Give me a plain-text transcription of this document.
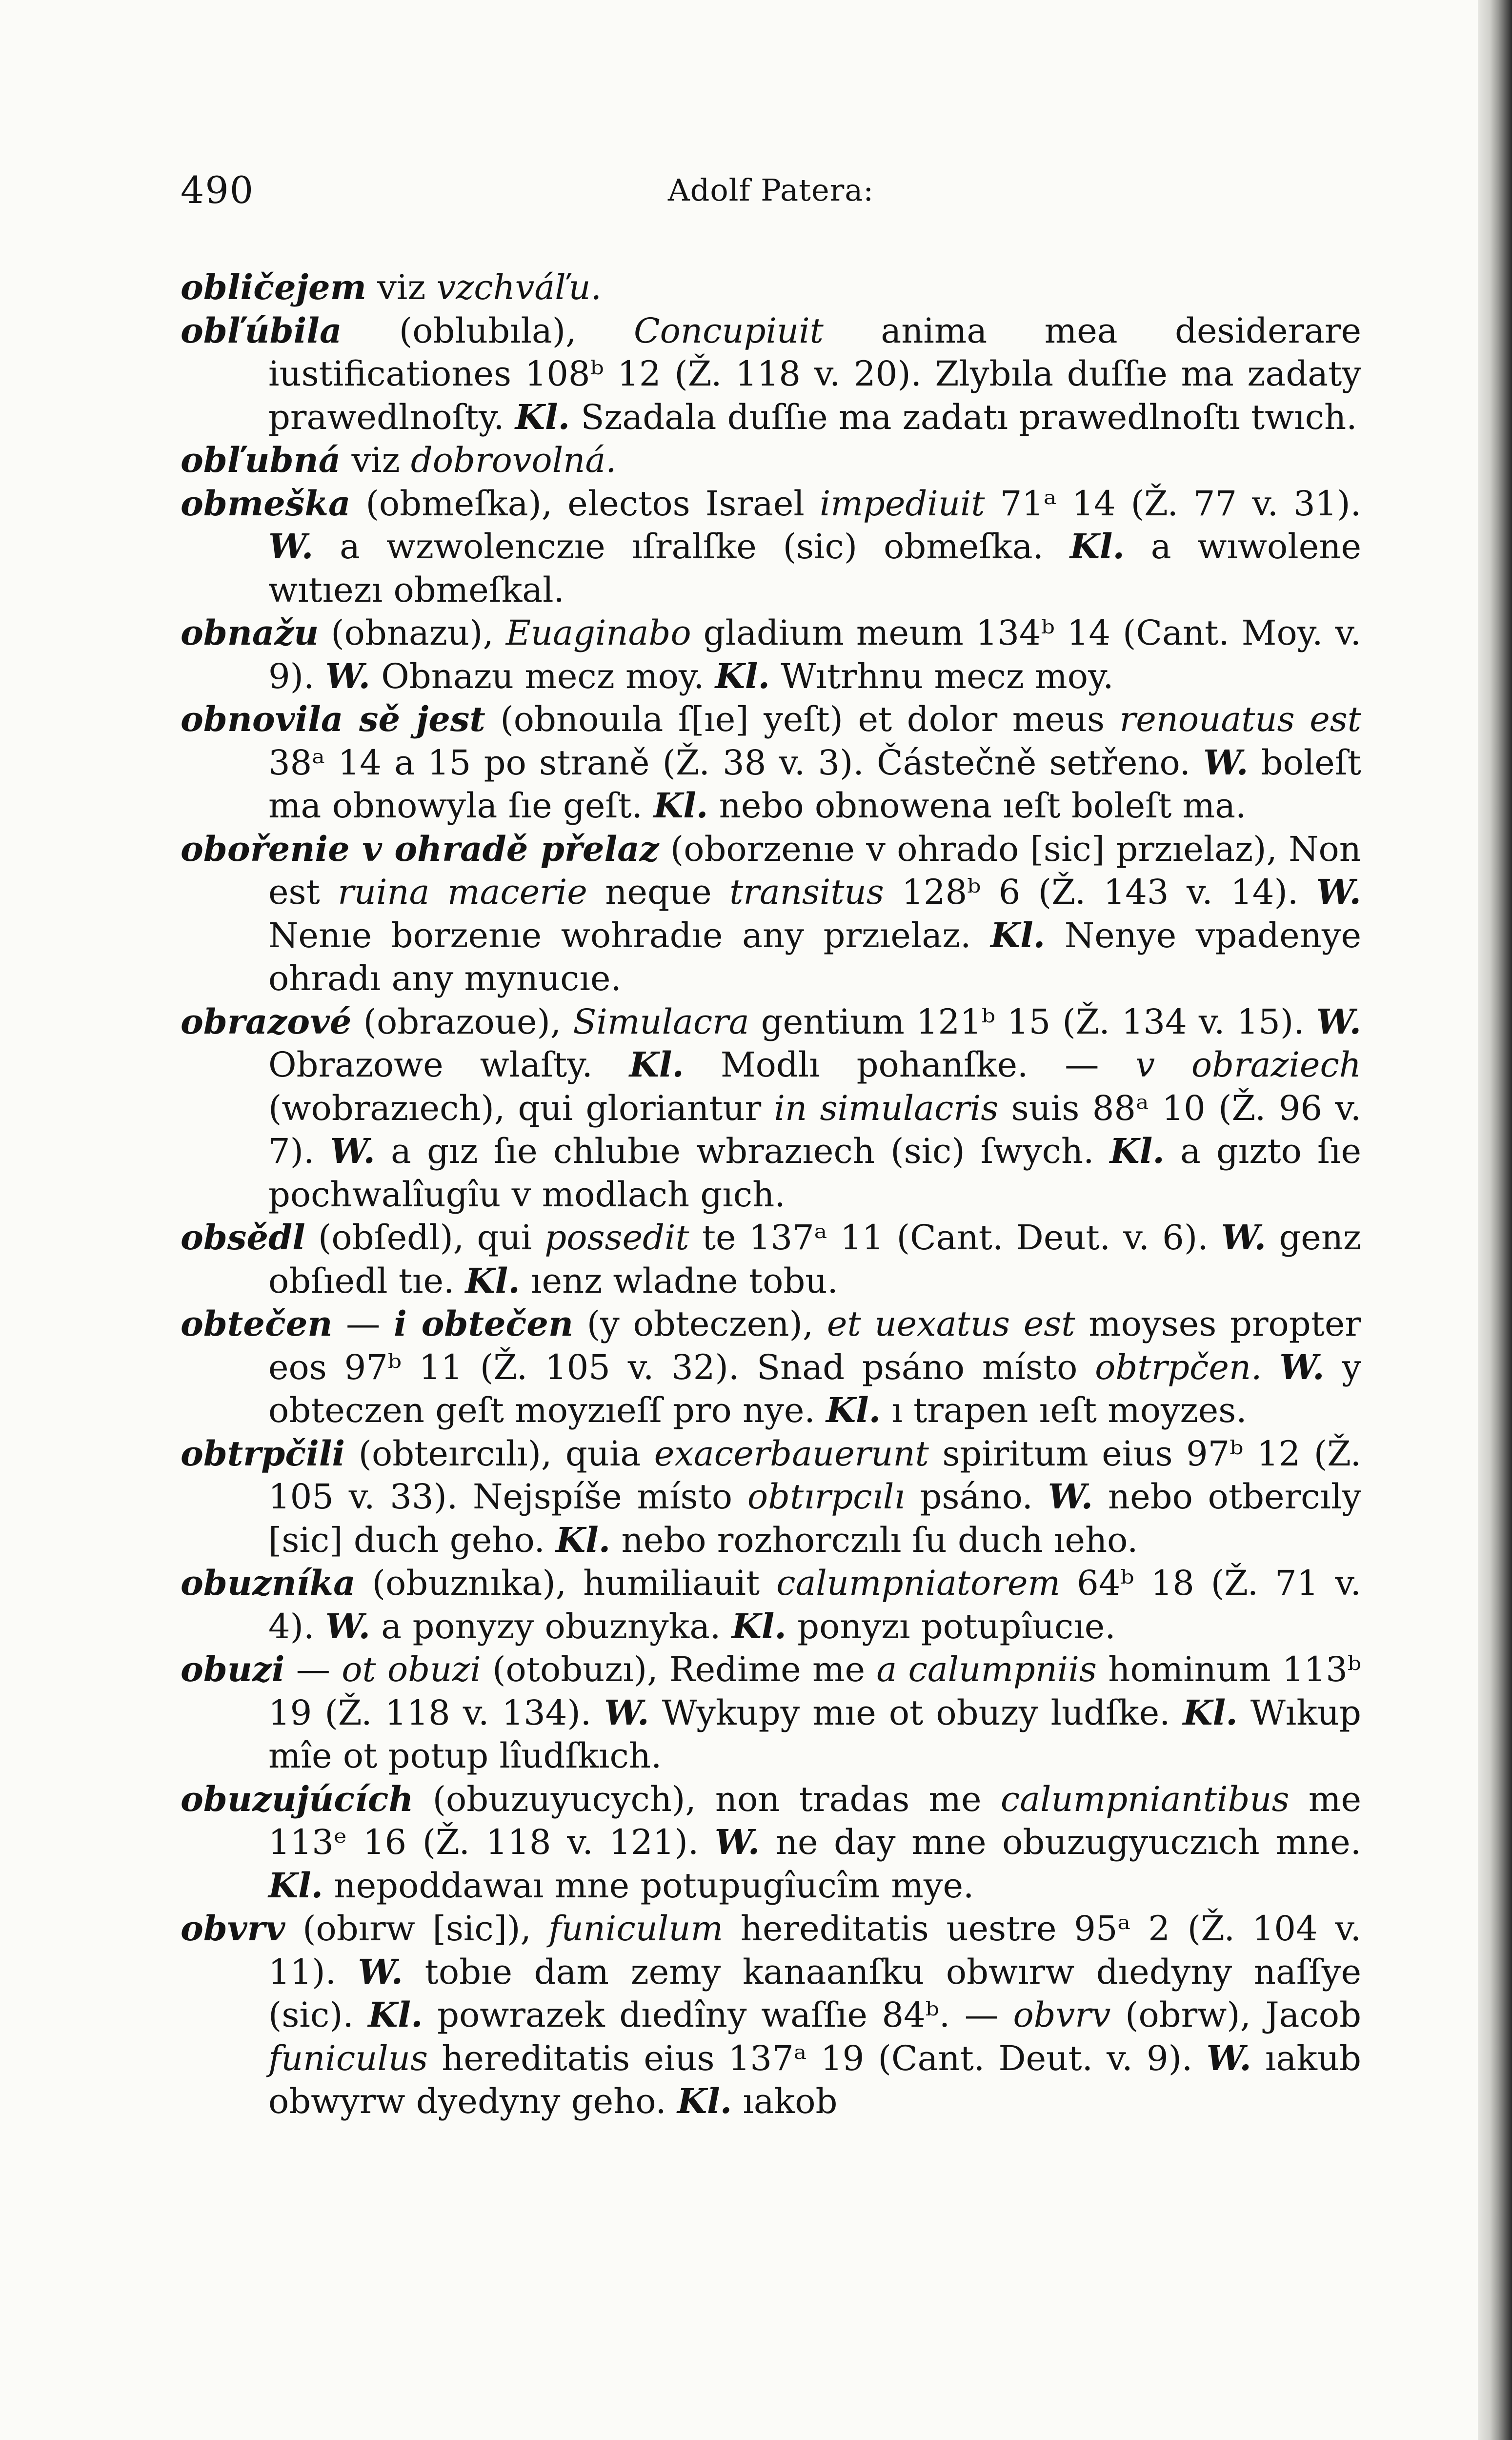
490	Adolf Patera:

obličejem viz vzchváľu.

obľúbila (oblubıla), Concupiuit anima mea desiderare iustificationes 108ᵇ 12 (Ž. 118 v. 20). Zlybıla duſſıe ma zadaty prawedlnoſty. Kl. Szadala duſſıe ma zadatı prawedlnoſtı twıch.

obľubná viz dobrovolná.

obmeška (obmeſka), electos Israel impediuit 71ᵃ 14 (Ž. 77 v. 31). W. a wzwolenczıe ıſralſke (sic) obmeſka. Kl. a wıwolene wıtıezı obmeſkal.

obnažu (obnazu), Euaginabo gladium meum 134ᵇ 14 (Cant. Moy. v. 9). W. Obnazu mecz moy. Kl. Wıtrhnu mecz moy.

obnovila sě jest (obnouıla ſ[ıe] yeſt) et dolor meus renouatus est 38ᵃ 14 a 15 po straně (Ž. 38 v. 3). Částečně setřeno. W. boleſt ma obnowyla ſıe geſt. Kl. nebo obnowena ıeſt boleſt ma.

obořenie v ohradě přelaz (oborzenıe v ohrado [sic] przıelaz), Non est ruina macerie neque transitus 128ᵇ 6 (Ž. 143 v. 14). W. Nenıe borzenıe wohradıe any przıelaz. Kl. Nenye vpadenye ohradı any mynucıe.

obrazové (obrazoue), Simulacra gentium 121ᵇ 15 (Ž. 134 v. 15). W. Obrazowe wlaſty. Kl. Modlı pohanſke. — v obraziech (wobrazıech), qui gloriantur in simulacris suis 88ᵃ 10 (Ž. 96 v. 7). W. a gız ſıe chlubıe wbrazıech (sic) ſwych. Kl. a gızto ſıe pochwalîugîu v modlach gıch.

obsědl (obſedl), qui possedit te 137ᵃ 11 (Cant. Deut. v. 6). W. genz obſıedl tıe. Kl. ıenz wladne tobu.

obtečen — i obtečen (y obteczen), et uexatus est moyses propter eos 97ᵇ 11 (Ž. 105 v. 32). Snad psáno místo obtrpčen. W. y obteczen geſt moyzıeſſ pro nye. Kl. ı trapen ıeſt moyzes.

obtrpčili (obteırcılı), quia exacerbauerunt spiritum eius 97ᵇ 12 (Ž. 105 v. 33). Nejspíše místo obtırpcılı psáno. W. nebo otbercıly [sic] duch geho. Kl. nebo rozhorczılı ſu duch ıeho.

obuzníka (obuznıka), humiliauit calumpniatorem 64ᵇ 18 (Ž. 71 v. 4). W. a ponyzy obuznyka. Kl. ponyzı potupîucıe.

obuzi — ot obuzi (otobuzı), Redime me a calumpniis hominum 113ᵇ 19 (Ž. 118 v. 134). W. Wykupy mıe ot obuzy ludſke. Kl. Wıkup mîe ot potup lîudſkıch.

obuzujúcích (obuzuyucych), non tradas me calumpniantibus me 113ᵉ 16 (Ž. 118 v. 121). W. ne day mne obuzugyuczıch mne. Kl. nepoddawaı mne potupugîucîm mye.

obvrv (obırw [sic]), funiculum hereditatis uestre 95ᵃ 2 (Ž. 104 v. 11). W. tobıe dam zemy kanaanſku obwırw dıedyny naſſye (sic). Kl. powrazek dıedîny waſſıe 84ᵇ. — obvrv (obrw), Jacob funiculus hereditatis eius 137ᵃ 19 (Cant. Deut. v. 9). W. ıakub obwyrw dyedyny geho. Kl. ıakob
